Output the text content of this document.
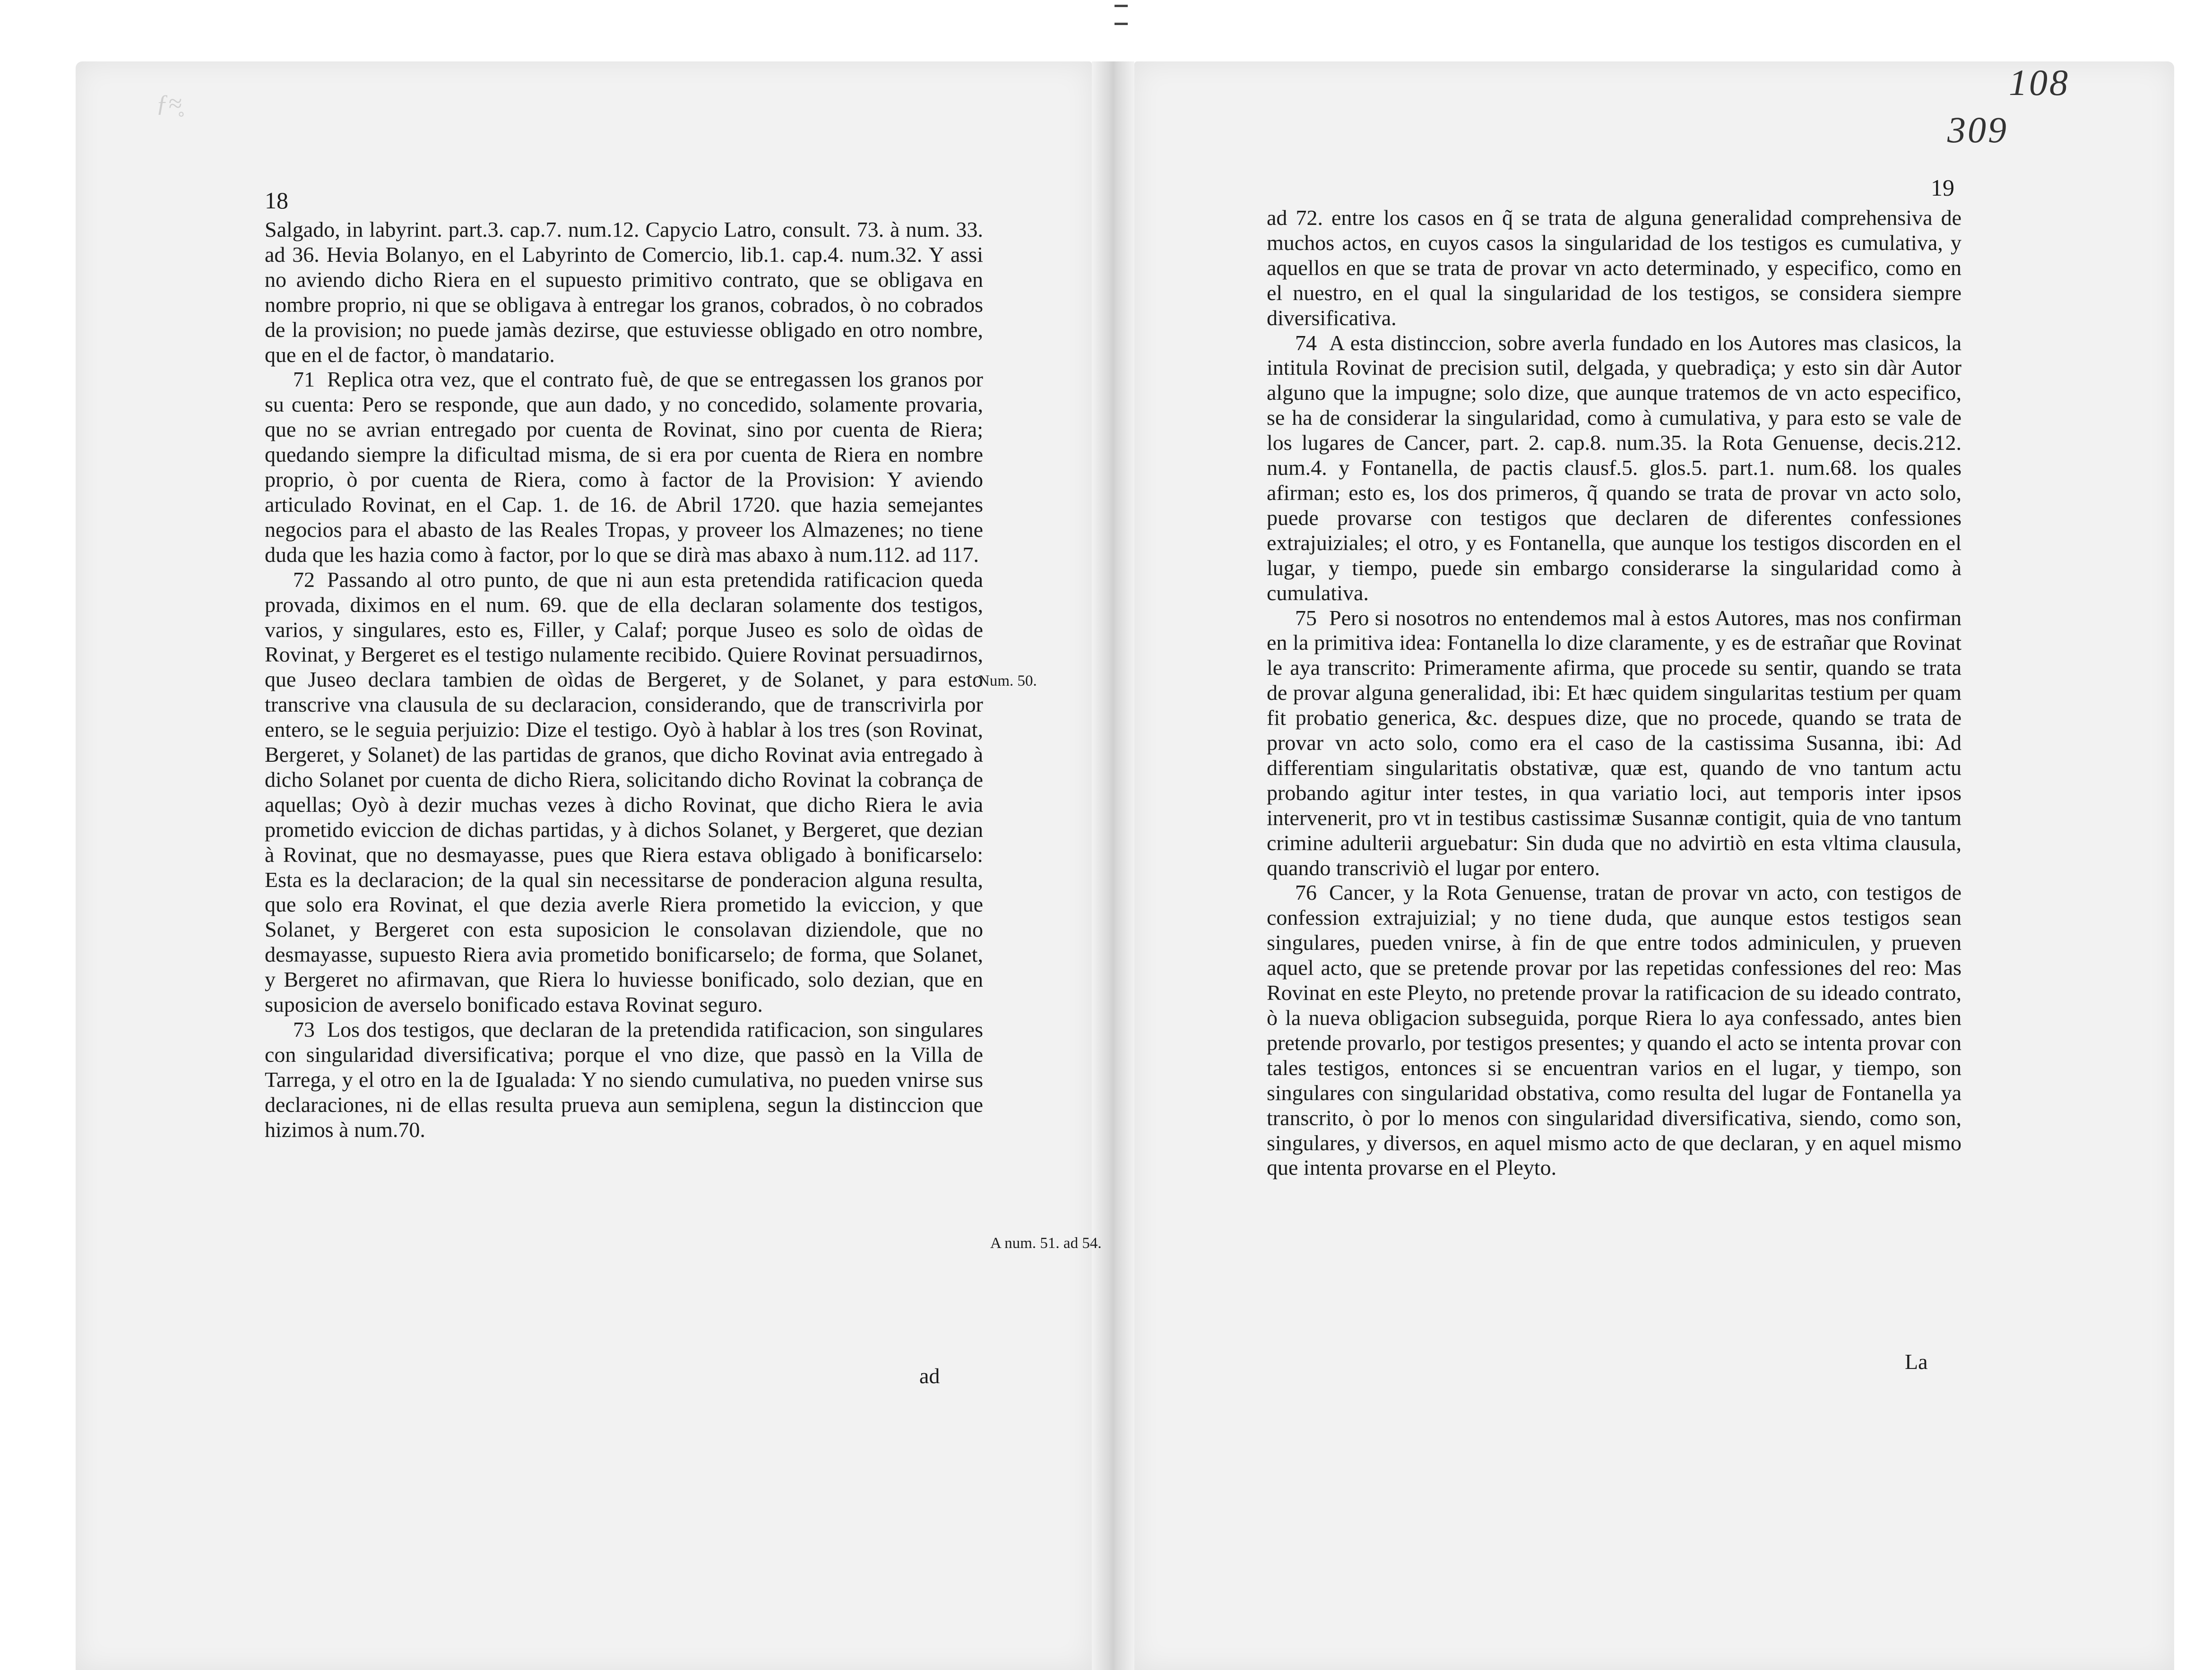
ƒ≈̥
18	19
108
309

Salgado, in labyrint. part.3. cap.7. num.12. Capycio Latro, consult. 73. à num. 33. ad 36. Hevia Bolanyo, en el Labyrinto de Comercio, lib.1. cap.4. num.32. Y assi no aviendo dicho Riera en el supuesto primitivo contrato, que se obligava en nombre proprio, ni que se obligava à entregar los granos, cobrados, ò no cobrados de la provision; no puede jamàs dezirse, que estuviesse obligado en otro nombre, que en el de factor, ò mandatario.

71 Replica otra vez, que el contrato fuè, de que se entregassen los granos por su cuenta: Pero se responde, que aun dado, y no concedido, solamente provaria, que no se avrian entregado por cuenta de Rovinat, sino por cuenta de Riera; quedando siempre la dificultad misma, de si era por cuenta de Riera en nombre proprio, ò por cuenta de Riera, como à factor de la Provision: Y aviendo articulado Rovinat, en el Cap. 1. de 16. de Abril 1720. que hazia semejantes negocios para el abasto de las Reales Tropas, y proveer los Almazenes; no tiene duda que les hazia como à factor, por lo que se dirà mas abaxo à num.112. ad 117.

72 Passando al otro punto, de que ni aun esta pretendida ratificacion queda provada, diximos en el num. 69. que de ella declaran solamente dos testigos, varios, y singulares, esto es, Filler, y Calaf; porque Juseo es solo de oìdas de Rovinat, y Bergeret es el testigo nulamente recibido. Quiere Rovinat persuadirnos, que Juseo declara tambien de oìdas de Bergeret, y de Solanet, y para esto transcrive vna clausula de su declaracion, considerando, que de transcrivirla por entero, se le seguia perjuizio: Dize el testigo. Oyò à hablar à los tres (son Rovinat, Bergeret, y Solanet) de las partidas de granos, que dicho Rovinat avia entregado à dicho Solanet por cuenta de dicho Riera, solicitando dicho Rovinat la cobrança de aquellas; Oyò à dezir muchas vezes à dicho Rovinat, que dicho Riera le avia prometido eviccion de dichas partidas, y à dichos Solanet, y Bergeret, que dezian à Rovinat, que no desmayasse, pues que Riera estava obligado à bonificarselo: Esta es la declaracion; de la qual sin necessitarse de ponderacion alguna resulta, que solo era Rovinat, el que dezia averle Riera prometido la eviccion, y que Solanet, y Bergeret con esta suposicion le consolavan diziendole, que no desmayasse, supuesto Riera avia prometido bonificarselo; de forma, que Solanet, y Bergeret no afirmavan, que Riera lo huviesse bonificado, solo dezian, que en suposicion de averselo bonificado estava Rovinat seguro.

73 Los dos testigos, que declaran de la pretendida ratificacion, son singulares con singularidad diversificativa; porque el vno dize, que passò en la Villa de Tarrega, y el otro en la de Igualada: Y no siendo cumulativa, no pueden vnirse sus declaraciones, ni de ellas resulta prueva aun semiplena, segun la distinccion que hizimos à num.70.

ad
Num. 50.
A num. 51. ad 54.

ad 72. entre los casos en q̃ se trata de alguna generalidad comprehensiva de muchos actos, en cuyos casos la singularidad de los testigos es cumulativa, y aquellos en que se trata de provar vn acto determinado, y especifico, como en el nuestro, en el qual la singularidad de los testigos, se considera siempre diversificativa.

74 A esta distinccion, sobre averla fundado en los Autores mas clasicos, la intitula Rovinat de precision sutil, delgada, y quebradiça; y esto sin dàr Autor alguno que la impugne; solo dize, que aunque tratemos de vn acto especifico, se ha de considerar la singularidad, como à cumulativa, y para esto se vale de los lugares de Cancer, part. 2. cap.8. num.35. la Rota Genuense, decis.212. num.4. y Fontanella, de pactis clausf.5. glos.5. part.1. num.68. los quales afirman; esto es, los dos primeros, q̃ quando se trata de provar vn acto solo, puede provarse con testigos que declaren de diferentes confessiones extrajuiziales; el otro, y es Fontanella, que aunque los testigos discorden en el lugar, y tiempo, puede sin embargo considerarse la singularidad como à cumulativa.

75 Pero si nosotros no entendemos mal à estos Autores, mas nos confirman en la primitiva idea: Fontanella lo dize claramente, y es de estrañar que Rovinat le aya transcrito: Primeramente afirma, que procede su sentir, quando se trata de provar alguna generalidad, ibi: Et hæc quidem singularitas testium per quam fit probatio generica, &c. despues dize, que no procede, quando se trata de provar vn acto solo, como era el caso de la castissima Susanna, ibi: Ad differentiam singularitatis obstativæ, quæ est, quando de vno tantum actu probando agitur inter testes, in qua variatio loci, aut temporis inter ipsos intervenerit, pro vt in testibus castissimæ Susannæ contigit, quia de vno tantum crimine adulterii arguebatur: Sin duda que no advirtiò en esta vltima clausula, quando transcriviò el lugar por entero.

76 Cancer, y la Rota Genuense, tratan de provar vn acto, con testigos de confession extrajuizial; y no tiene duda, que aunque estos testigos sean singulares, pueden vnirse, à fin de que entre todos adminiculen, y prueven aquel acto, que se pretende provar por las repetidas confessiones del reo: Mas Rovinat en este Pleyto, no pretende provar la ratificacion de su ideado contrato, ò la nueva obligacion subseguida, porque Riera lo aya confessado, antes bien pretende provarlo, por testigos presentes; y quando el acto se intenta provar con tales testigos, entonces si se encuentran varios en el lugar, y tiempo, son singulares con singularidad obstativa, como resulta del lugar de Fontanella ya transcrito, ò por lo menos con singularidad diversificativa, siendo, como son, singulares, y diversos, en aquel mismo acto de que declaran, y en aquel mismo que intenta provarse en el Pleyto.

La
